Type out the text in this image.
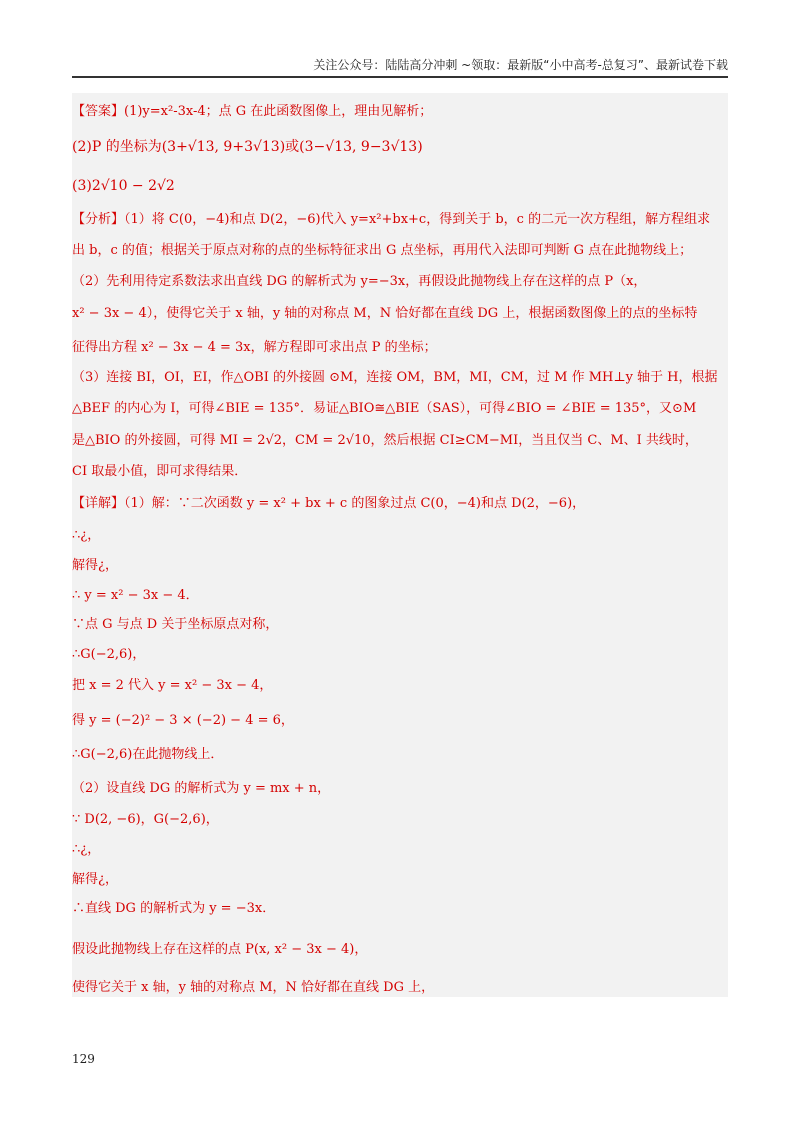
关注公众号：陆陆高分冲刺 ~领取：最新版“小中高考-总复习”、最新试卷下载
【答案】(1)y=x²-3x-4；点 G 在此函数图像上，理由见解析；
(2)P 的坐标为(3+√13, 9+3√13)或(3−√13, 9−3√13)
(3)2√10 − 2√2
【分析】（1）将 C(0，−4)和点 D(2，−6)代入 y=x²+bx+c，得到关于 b，c 的二元一次方程组，解方程组求
出 b，c 的值；根据关于原点对称的点的坐标特征求出 G 点坐标，再用代入法即可判断 G 点在此抛物线上；
（2）先利用待定系数法求出直线 DG 的解析式为 y=−3x，再假设此抛物线上存在这样的点 P（x，
x² − 3x − 4），使得它关于 x 轴，y 轴的对称点 M，N 恰好都在直线 DG 上，根据函数图像上的点的坐标特
征得出方程 x² − 3x − 4 = 3x，解方程即可求出点 P 的坐标；
（3）连接 BI，OI，EI，作△OBI 的外接圆 ⊙M，连接 OM，BM，MI，CM，过 M 作 MH⊥y 轴于 H，根据
△BEF 的内心为 I，可得∠BIE = 135°．易证△BIO≅△BIE（SAS），可得∠BIO = ∠BIE = 135°，又⊙M
是△BIO 的外接圆，可得 MI = 2√2，CM = 2√10，然后根据 CI≥CM−MI，当且仅当 C、M、I 共线时，
CI 取最小值，即可求得结果．
【详解】（1）解：∵二次函数 y = x² + bx + c 的图象过点 C(0，−4)和点 D(2，−6)，
∴¿，
解得¿，
∴ y = x² − 3x − 4．
∵点 G 与点 D 关于坐标原点对称，
∴G(−2,6)，
把 x = 2 代入 y = x² − 3x − 4，
得 y = (−2)² − 3 × (−2) − 4 = 6，
∴G(−2,6)在此抛物线上．
（2）设直线 DG 的解析式为 y = mx + n，
∵ D(2, −6)，G(−2,6)，
∴¿，
解得¿，
∴直线 DG 的解析式为 y = −3x．
假设此抛物线上存在这样的点 P(x, x² − 3x − 4)，
使得它关于 x 轴，y 轴的对称点 M，N 恰好都在直线 DG 上，
129
